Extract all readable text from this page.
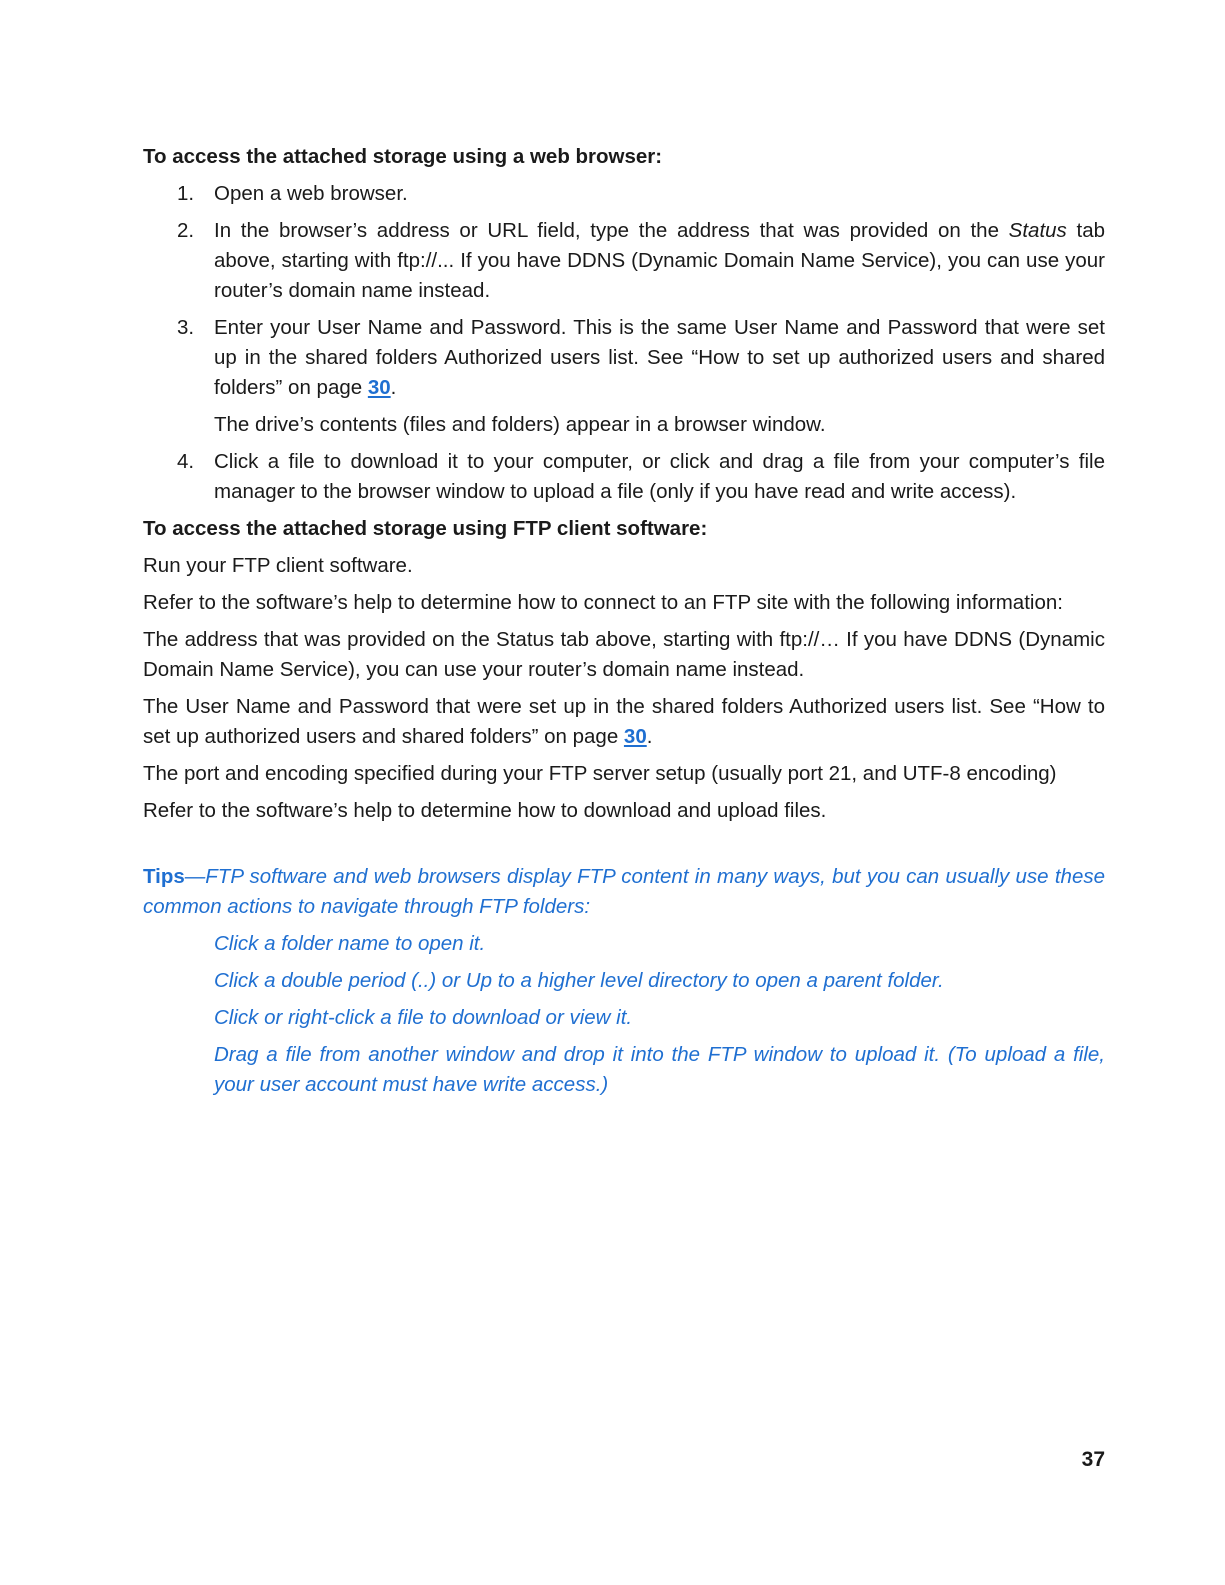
To access the attached storage using a web browser:

1. Open a web browser.

2. In the browser’s address or URL field, type the address that was provided on the Status tab above, starting with ftp://... If you have DDNS (Dynamic Domain Name Service), you can use your router’s domain name instead.

3. Enter your User Name and Password. This is the same User Name and Password that were set up in the shared folders Authorized users list. See “How to set up authorized users and shared folders” on page 30.

The drive’s contents (files and folders) appear in a browser window.

4. Click a file to download it to your computer, or click and drag a file from your computer’s file manager to the browser window to upload a file (only if you have read and write access).

To access the attached storage using FTP client software:

Run your FTP client software.

Refer to the software’s help to determine how to connect to an FTP site with the following information:

The address that was provided on the Status tab above, starting with ftp://… If you have DDNS (Dynamic Domain Name Service), you can use your router’s domain name instead.

The User Name and Password that were set up in the shared folders Authorized users list. See “How to set up authorized users and shared folders” on page 30.

The port and encoding specified during your FTP server setup (usually port 21, and UTF-8 encoding)

Refer to the software’s help to determine how to download and upload files.

Tips—FTP software and web browsers display FTP content in many ways, but you can usually use these common actions to navigate through FTP folders:

Click a folder name to open it.

Click a double period (..) or Up to a higher level directory to open a parent folder.

Click or right-click a file to download or view it.

Drag a file from another window and drop it into the FTP window to upload it. (To upload a file, your user account must have write access.)

37
